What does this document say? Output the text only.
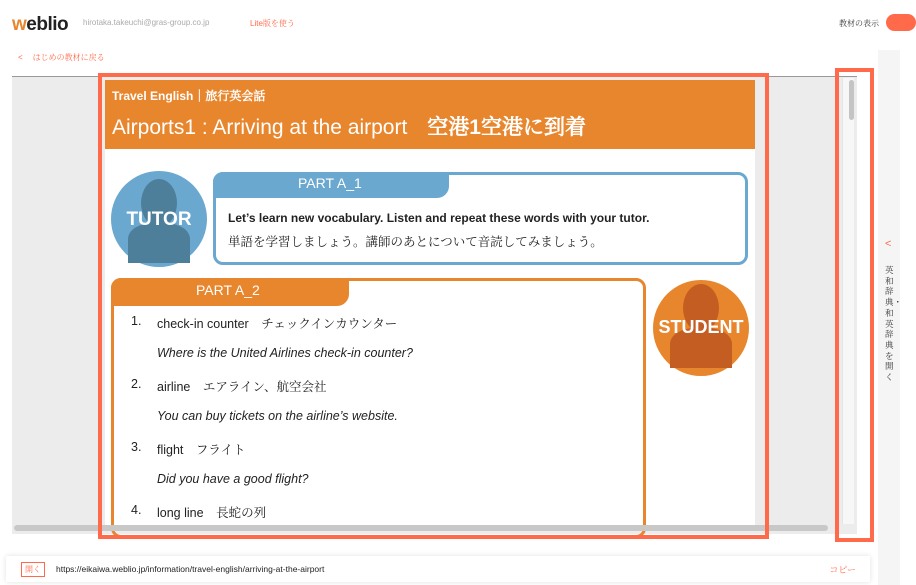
weblio hirotaka.takeuchi@gras-group.co.jp	Lite版を使う	教材の表示
< はじめの教材に戻る
Travel English｜旅行英会話
Airports1 : Arriving at the airport 空港1空港に到着
TUTOR
PART A_1
Let’s learn new vocabulary. Listen and repeat these words with your tutor.
単語を学習しましょう。講師のあとについて音読してみましょう。
PART A_2
1.	check-in counter　チェックインカウンター
Where is the United Airlines check-in counter?
2.	airline　エアライン、航空会社
You can buy tickets on the airline’s website.
3.	flight　フライト
Did you have a good flight?
4.	long line　長蛇の列
STUDENT
<
英和辞典・和英辞典を開く
開く	https://eikaiwa.weblio.jp/information/travel-english/arriving-at-the-airport	コピー
